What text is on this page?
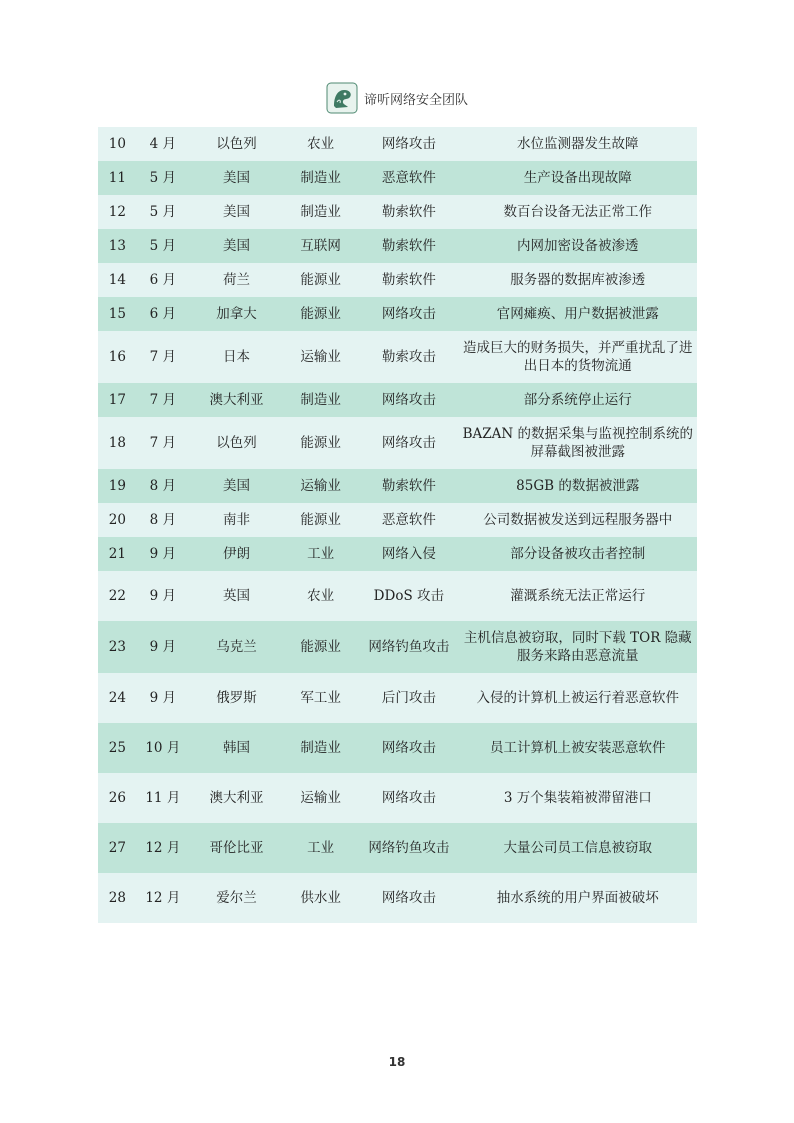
谛听网络安全团队
10	4 月	以色列	农业	网络攻击	水位监测器发生故障
11	5 月	美国	制造业	恶意软件	生产设备出现故障
12	5 月	美国	制造业	勒索软件	数百台设备无法正常工作
13	5 月	美国	互联网	勒索软件	内网加密设备被渗透
14	6 月	荷兰	能源业	勒索软件	服务器的数据库被渗透
15	6 月	加拿大	能源业	网络攻击	官网瘫痪、用户数据被泄露
16	7 月	日本	运输业	勒索攻击	造成巨大的财务损失，并严重扰乱了进出日本的货物流通
17	7 月	澳大利亚	制造业	网络攻击	部分系统停止运行
18	7 月	以色列	能源业	网络攻击	BAZAN 的数据采集与监视控制系统的屏幕截图被泄露
19	8 月	美国	运输业	勒索软件	85GB 的数据被泄露
20	8 月	南非	能源业	恶意软件	公司数据被发送到远程服务器中
21	9 月	伊朗	工业	网络入侵	部分设备被攻击者控制
22	9 月	英国	农业	DDoS 攻击	灌溉系统无法正常运行
23	9 月	乌克兰	能源业	网络钓鱼攻击	主机信息被窃取，同时下载 TOR 隐藏服务来路由恶意流量
24	9 月	俄罗斯	军工业	后门攻击	入侵的计算机上被运行着恶意软件
25	10 月	韩国	制造业	网络攻击	员工计算机上被安装恶意软件
26	11 月	澳大利亚	运输业	网络攻击	3 万个集装箱被滞留港口
27	12 月	哥伦比亚	工业	网络钓鱼攻击	大量公司员工信息被窃取
28	12 月	爱尔兰	供水业	网络攻击	抽水系统的用户界面被破坏
18
